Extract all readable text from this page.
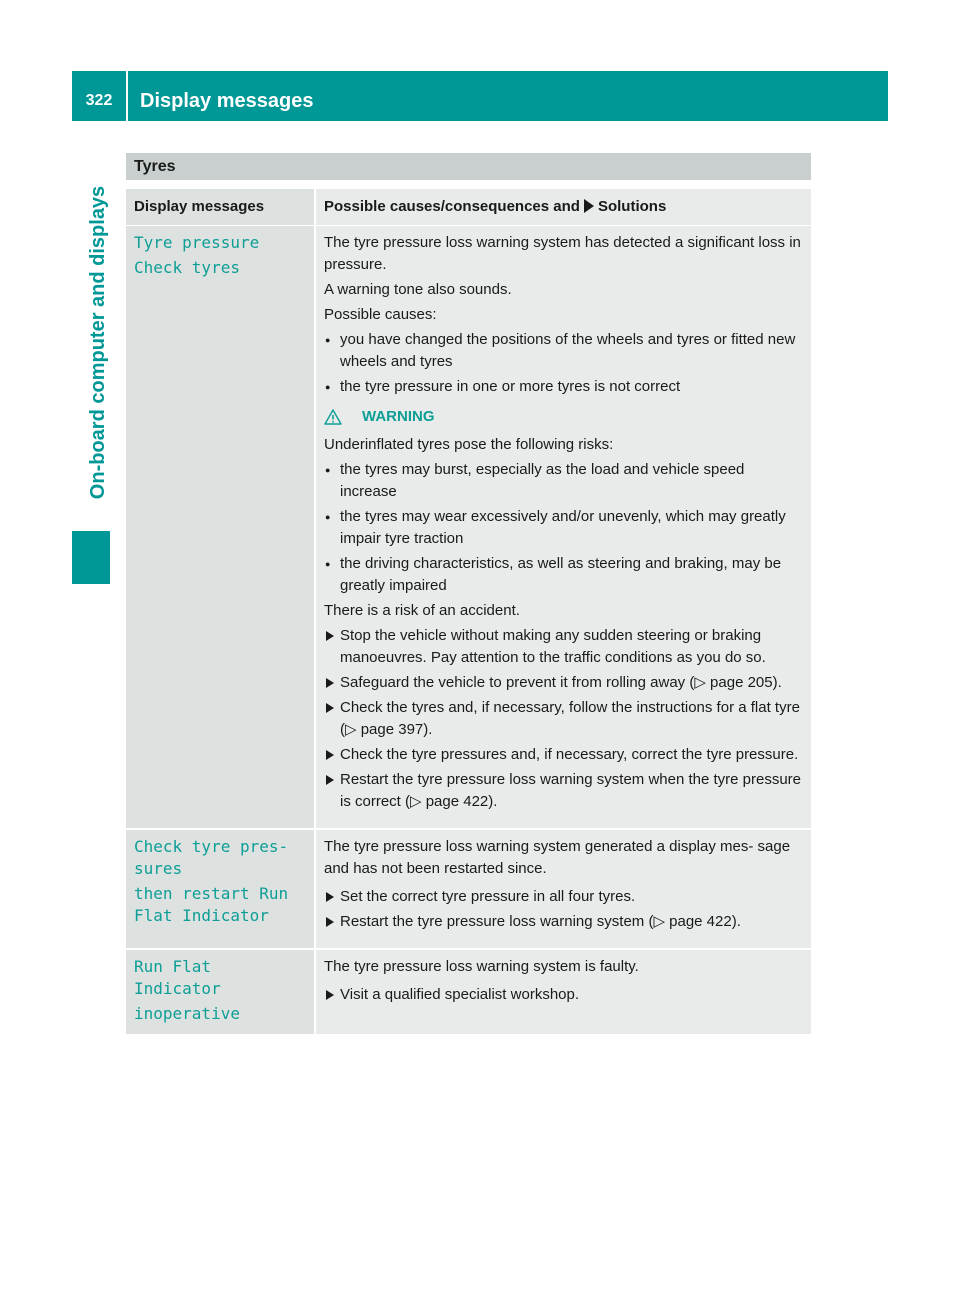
322	Display messages
On-board computer and displays
Tyres
Display messages	Possible causes/consequences and Solutions

Tyre pressure

Check tyres

The tyre pressure loss warning system has detected a significant loss in pressure.

A warning tone also sounds.

Possible causes:

● you have changed the positions of the wheels and tyres or fitted new wheels and tyres
● the tyre pressure in one or more tyres is not correct
WARNING

Underinflated tyres pose the following risks:

● the tyres may burst, especially as the load and vehicle speed increase
● the tyres may wear excessively and/or unevenly, which may greatly impair tyre traction
● the driving characteristics, as well as steering and braking, may be greatly impaired

There is a risk of an accident.

Stop the vehicle without making any sudden steering or braking manoeuvres. Pay attention to the traffic conditions as you do so.
Safeguard the vehicle to prevent it from rolling away (▷ page 205).
Check the tyres and, if necessary, follow the instructions for a flat tyre (▷ page 397).
Check the tyre pressures and, if necessary, correct the tyre pressure.
Restart the tyre pressure loss warning system when the tyre pressure is correct (▷ page 422).

Check tyre pres‐

sures

then restart Run

Flat Indicator

The tyre pressure loss warning system generated a display mes‐ sage and has not been restarted since.

Set the correct tyre pressure in all four tyres.
Restart the tyre pressure loss warning system (▷ page 422).

Run Flat Indicator

inoperative

The tyre pressure loss warning system is faulty.

Visit a qualified specialist workshop.
